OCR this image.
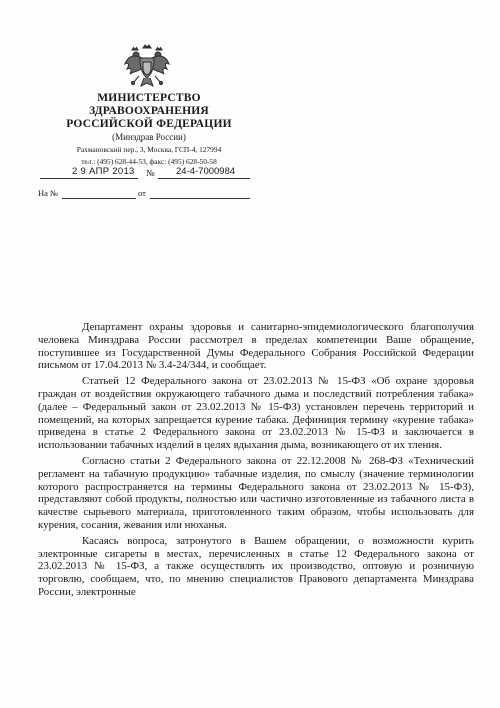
МИНИСТЕРСТВО
ЗДРАВООХРАНЕНИЯ
РОССИЙСКОЙ ФЕДЕРАЦИИ
(Минздрав России)
Рахмановский пер., 3, Москва, ГСП-4, 127994
тел.: (495) 628-44-53, факс: (495) 628-50-58
2 9 АПР 2013 № 24-4-7000984
На №	от

Департамент охраны здоровья и санитарно-эпидемиологического благополучия человека Минздрава России рассмотрел в пределах компетенции Ваше обращение, поступившее из Государственной Думы Федерального Собрания Российской Федерации письмом от 17.04.2013 № 3.4-24/344, и сообщает.

Статьей 12 Федерального закона от 23.02.2013 № 15-ФЗ «Об охране здоровья граждан от воздействия окружающего табачного дыма и последствий потребления табака» (далее – Федеральный закон от 23.02.2013 № 15-ФЗ) установлен перечень территорий и помещений, на которых запрещается курение табака. Дефиниция термину «курение табака» приведена в статье 2 Федерального закона от 23.02.2013 № 15-ФЗ и заключается в использовании табачных изделий в целях вдыхания дыма, возникающего от их тления.

Согласно статьи 2 Федерального закона от 22.12.2008 № 268-ФЗ «Технический регламент на табачную продукцию» табачные изделия, по смыслу (значение терминологии которого распространяется на термины Федерального закона от 23.02.2013 № 15-ФЗ), представляют собой продукты, полностью или частично изготовленные из табачного листа в качестве сырьевого материала, приготовленного таким образом, чтобы использовать для курения, сосания, жевания или нюханья.

Касаясь вопроса, затронутого в Вашем обращении, о возможности курить электронные сигареты в местах, перечисленных в статье 12 Федерального закона от 23.02.2013 № 15-ФЗ, а также осуществлять их производство, оптовую и розничную торговлю, сообщаем, что, по мнению специалистов Правового департамента Минздрава России, электронные
